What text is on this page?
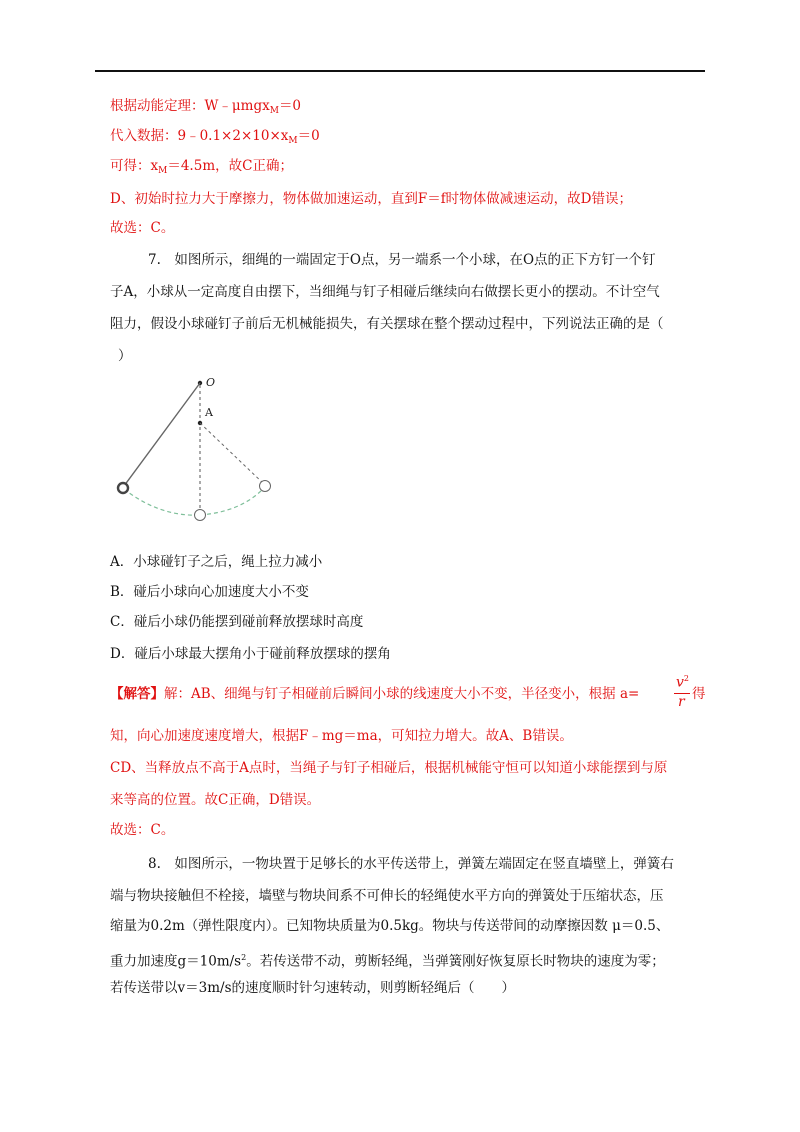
根据动能定理：W﹣μmgx$_M$＝0
代入数据：$9﹣0.1\times 2\times 10\times x_M=0$
可得：$x_M=4.5m$，故C正确；
D、初始时拉力大于摩擦力，物体做加速运动，直到F＝f时物体做减速运动，故D错误；
故选：C。
7.　如图所示，细绳的一端固定于O点，另一端系一个小球，在O点的正下方钉一个钉
子A，小球从一定高度自由摆下，当细绳与钉子相碰后继续向右做摆长更小的摆动。不计空气
阻力，假设小球碰钉子前后无机械能损失，有关摆球在整个摆动过程中，下列说法正确的是（
）
O
A
A．小球碰钉子之后，绳上拉力减小
B．碰后小球向心加速度大小不变
C．碰后小球仍能摆到碰前释放摆球时高度
D．碰后小球最大摆角小于碰前释放摆球的摆角
【解答】解：AB、细绳与钉子相碰前后瞬间小球的线速度大小不变，半径变小，根据 a=
$v^2$
r 得
知，向心加速度速度增大，根据F﹣mg＝ma，可知拉力增大。故A、B错误。
CD、当释放点不高于A点时，当绳子与钉子相碰后，根据机械能守恒可以知道小球能摆到与原
来等高的位置。故C正确，D错误。
故选：C。
8.　如图所示，一物块置于足够长的水平传送带上，弹簧左端固定在竖直墙壁上，弹簧右
端与物块接触但不栓接，墙壁与物块间系不可伸长的轻绳使水平方向的弹簧处于压缩状态，压
缩量为0.2m（弹性限度内）。已知物块质量为0.5kg。物块与传送带间的动摩擦因数 μ＝0.5、
重力加速度$g=10m/s^2$。若传送带不动，剪断轻绳，当弹簧刚好恢复原长时物块的速度为零；
若传送带以v＝3m/s的速度顺时针匀速转动，则剪断轻绳后（　　）
